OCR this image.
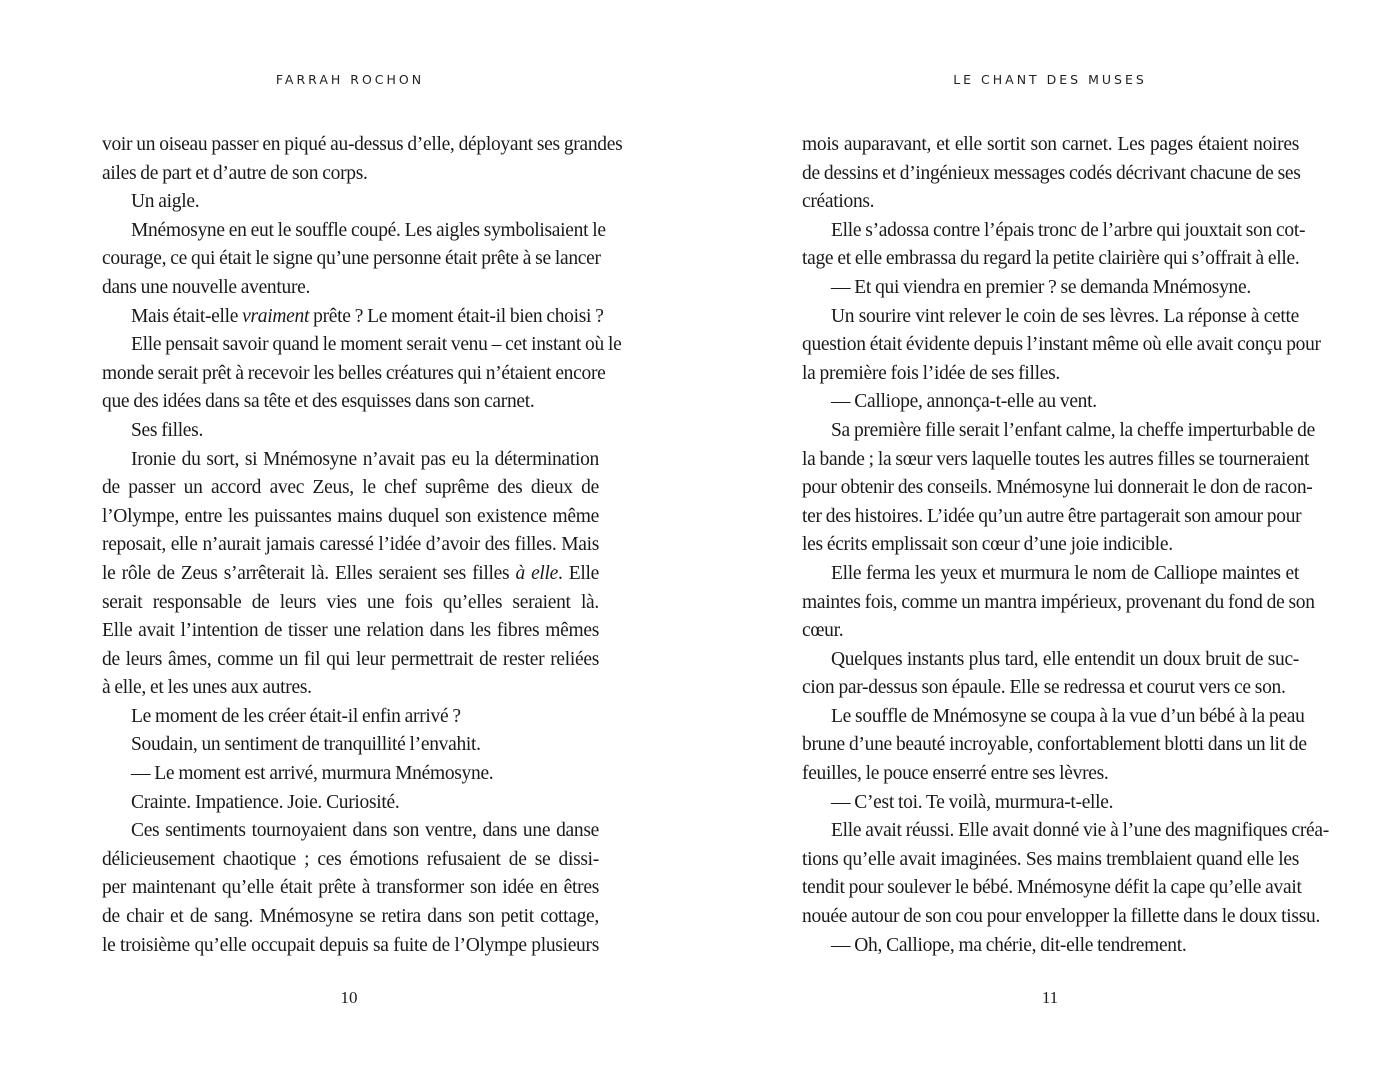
FARRAH ROCHON

voir un oiseau passer en piqué au-dessus d’elle, déployant ses grandes
ailes de part et d’autre de son corps.
Un aigle.
Mnémosyne en eut le souffle coupé. Les aigles symbolisaient le
courage, ce qui était le signe qu’une personne était prête à se lancer
dans une nouvelle aventure.
Mais était-elle vraiment prête ? Le moment était-il bien choisi ?
Elle pensait savoir quand le moment serait venu – cet instant où le
monde serait prêt à recevoir les belles créatures qui n’étaient encore
que des idées dans sa tête et des esquisses dans son carnet.
Ses filles.
Ironie du sort, si Mnémosyne n’avait pas eu la détermination
de passer un accord avec Zeus, le chef suprême des dieux de
l’Olympe, entre les puissantes mains duquel son existence même
reposait, elle n’aurait jamais caressé l’idée d’avoir des filles. Mais
le rôle de Zeus s’arrêterait là. Elles seraient ses filles à elle. Elle
serait responsable de leurs vies une fois qu’elles seraient là.
Elle avait l’intention de tisser une relation dans les fibres mêmes
de leurs âmes, comme un fil qui leur permettrait de rester reliées
à elle, et les unes aux autres.
Le moment de les créer était-il enfin arrivé ?
Soudain, un sentiment de tranquillité l’envahit.
— Le moment est arrivé, murmura Mnémosyne.
Crainte. Impatience. Joie. Curiosité.
Ces sentiments tournoyaient dans son ventre, dans une danse
délicieusement chaotique ; ces émotions refusaient de se dissi-
per maintenant qu’elle était prête à transformer son idée en êtres
de chair et de sang. Mnémosyne se retira dans son petit cottage,
le troisième qu’elle occupait depuis sa fuite de l’Olympe plusieurs

10

LE CHANT DES MUSES

mois auparavant, et elle sortit son carnet. Les pages étaient noires
de dessins et d’ingénieux messages codés décrivant chacune de ses
créations.
Elle s’adossa contre l’épais tronc de l’arbre qui jouxtait son cot-
tage et elle embrassa du regard la petite clairière qui s’offrait à elle.
— Et qui viendra en premier ? se demanda Mnémosyne.
Un sourire vint relever le coin de ses lèvres. La réponse à cette
question était évidente depuis l’instant même où elle avait conçu pour
la première fois l’idée de ses filles.
— Calliope, annonça-t-elle au vent.
Sa première fille serait l’enfant calme, la cheffe imperturbable de
la bande ; la sœur vers laquelle toutes les autres filles se tourneraient
pour obtenir des conseils. Mnémosyne lui donnerait le don de racon-
ter des histoires. L’idée qu’un autre être partagerait son amour pour
les écrits emplissait son cœur d’une joie indicible.
Elle ferma les yeux et murmura le nom de Calliope maintes et
maintes fois, comme un mantra impérieux, provenant du fond de son
cœur.
Quelques instants plus tard, elle entendit un doux bruit de suc-
cion par-dessus son épaule. Elle se redressa et courut vers ce son.
Le souffle de Mnémosyne se coupa à la vue d’un bébé à la peau
brune d’une beauté incroyable, confortablement blotti dans un lit de
feuilles, le pouce enserré entre ses lèvres.
— C’est toi. Te voilà, murmura-t-elle.
Elle avait réussi. Elle avait donné vie à l’une des magnifiques créa-
tions qu’elle avait imaginées. Ses mains tremblaient quand elle les
tendit pour soulever le bébé. Mnémosyne défit la cape qu’elle avait
nouée autour de son cou pour envelopper la fillette dans le doux tissu.
— Oh, Calliope, ma chérie, dit-elle tendrement.

11
